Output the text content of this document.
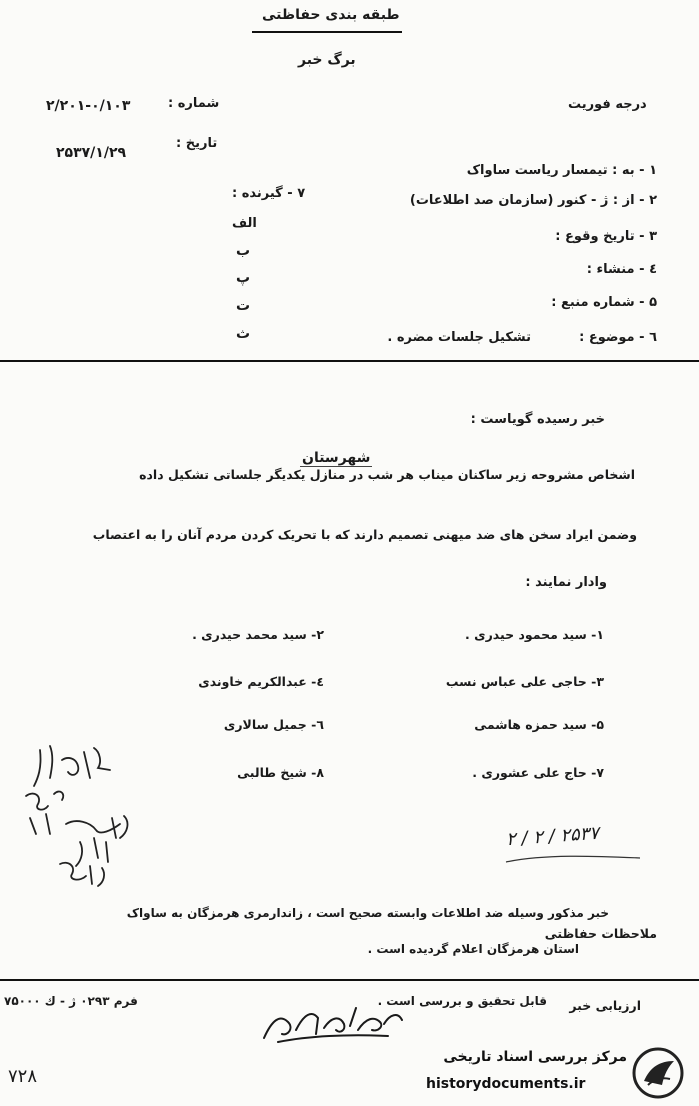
طبقه بندی حفاظتی
برگ خبر
درجه فوریت
شماره :
۲/۲۰۱-۰/۱۰۳
تاریخ :
۲۵۳۷/۱/۲۹
۱ - به : تیمسار ریاست ساواک
۲ - از : ژ - کنور (سازمان صد اطلاعات)
۳ - تاریخ وقوع :
٤ - منشاء :
۵ - شماره منبع :
٦ - موضوع :
تشکیل جلسات مضره .
۷ - گیرنده :
الف
ب
پ
ت
ث
خبر رسیده گویاست :
شهرستان
اشخاص مشروحه زیر ساکنان میناب هر شب در منازل یکدیگر جلساتی تشکیل داده
وضمن ایراد سخن های ضد میهنی تصمیم دارند که با تحریک کردن مردم آنان را به اعتصاب
وادار نمایند :
۱- سید محمود حیدری .
۲- سید محمد حیدری .
۳- حاجی علی عباس نسب
٤- عبدالکریم خاوندی
۵- سید حمزه هاشمی
٦- جمیل سالاری
۷- حاج علی عشوری .
۸- شیخ طالبی
۲۵۳۷ / ۲ / ۲
ملاحظات حفاظتی
خبر مذکور وسیله ضد اطلاعات وابسته صحیح است ، زاندارمری هرمزگان به ساواک
استان هرمزگان اعلام گردیده است .
ارزیابی خبر
قابل تحقیق و بررسی است .
فرم ۰۲۹۳ ژ - ك ۷۵۰۰۰
۷۲۸
مرکز بررسی اسناد تاریخی
historydocuments.ir
